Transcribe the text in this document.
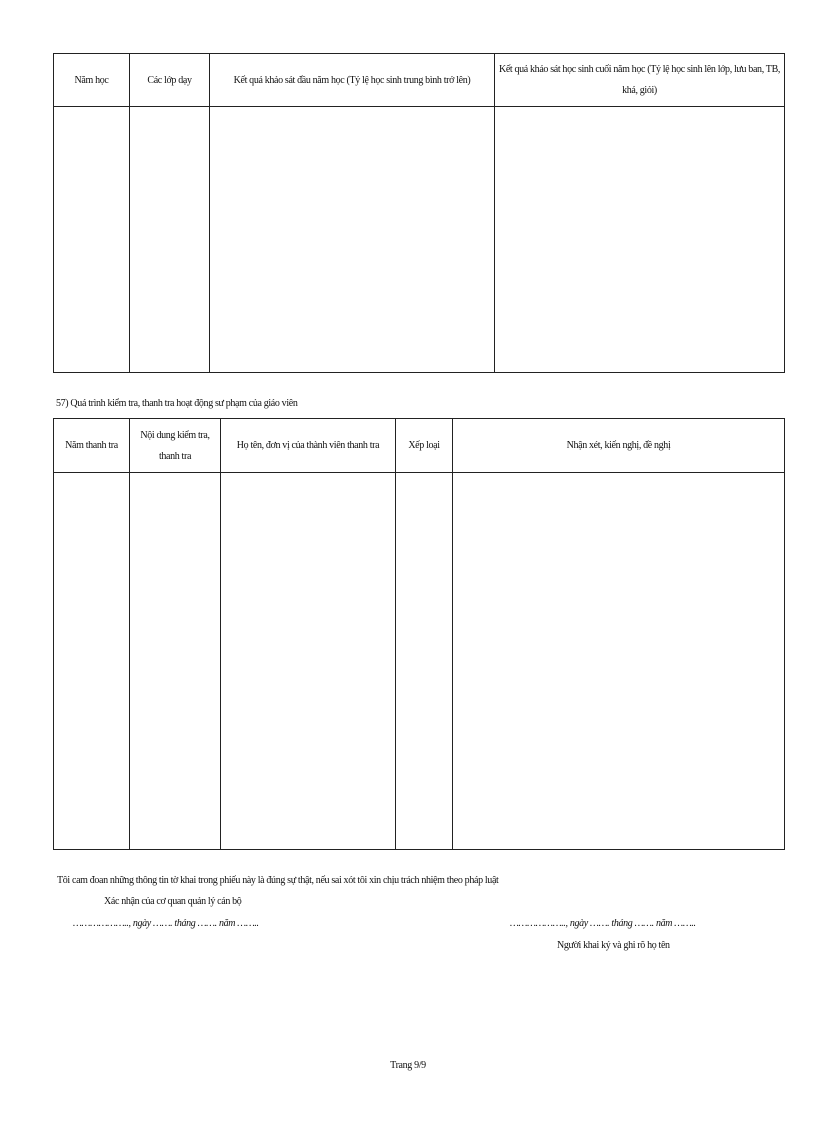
Năm học	Các lớp dạy	Kết quả khảo sát đầu năm học (Tỷ lệ học sinh trung bình trở lên)	Kết quả khảo sát học sinh cuối năm học (Tỷ lệ học sinh lên lớp, lưu ban, TB, khá, giỏi)

57) Quá trình kiểm tra, thanh tra hoạt động sư phạm của giáo viên
Năm thanh tra	Nội dung kiểm tra, thanh tra	Họ tên, đơn vị của thành viên thanh tra	Xếp loại	Nhận xét, kiến nghị, đề nghị

Tôi cam đoan những thông tin tờ khai trong phiếu này là đúng sự thật, nếu sai xót tôi xin chịu trách nhiệm theo pháp luật
Xác nhận của cơ quan quản lý cán bộ
……………….., ngày ……. tháng ……. năm ……..	……………….., ngày ……. tháng ……. năm ……..
Người khai ký và ghi rõ họ tên
Trang 9/9
